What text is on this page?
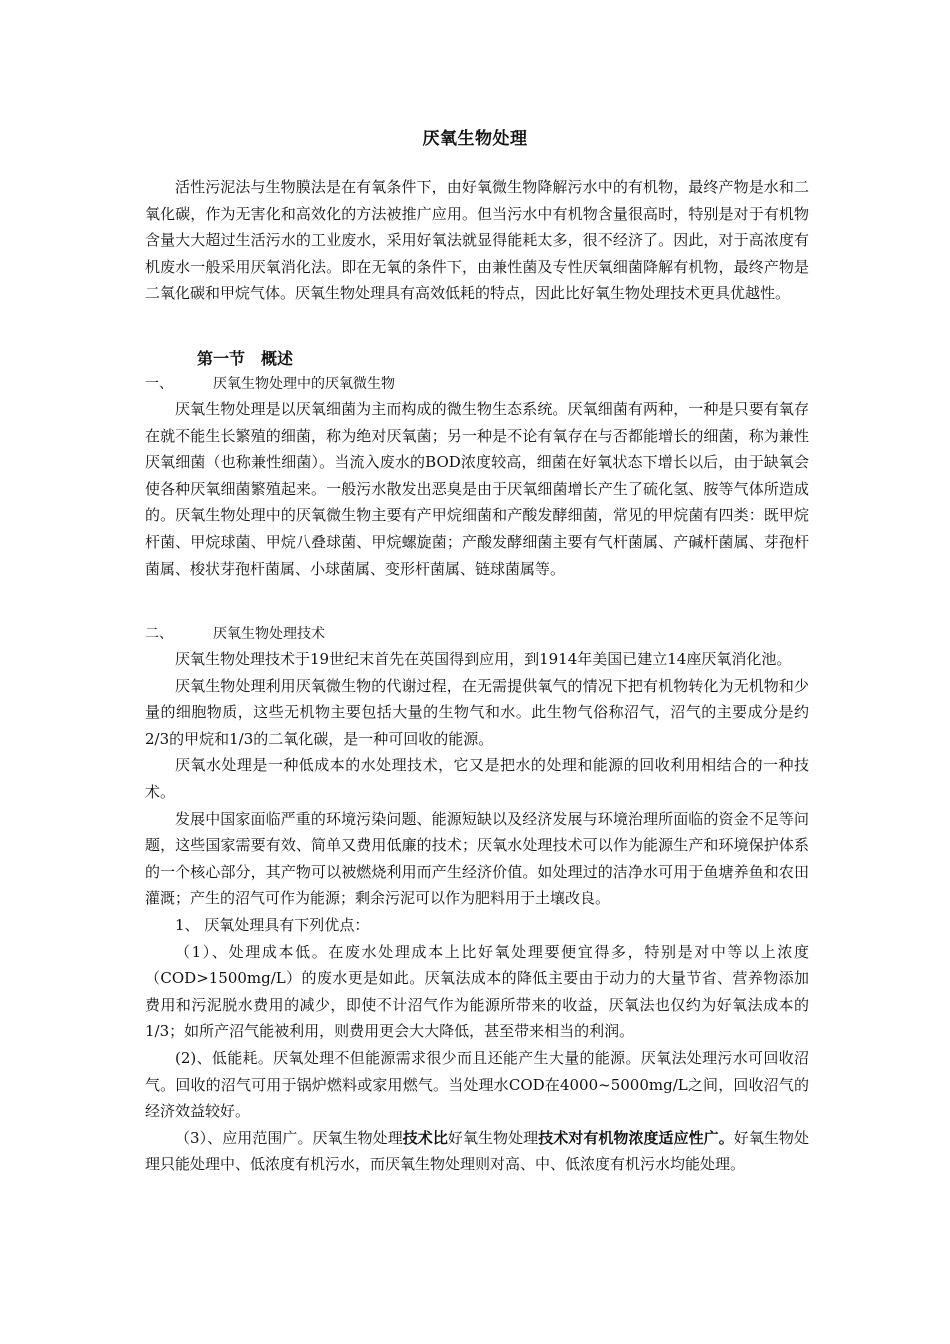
厌氧生物处理

活性污泥法与生物膜法是在有氧条件下，由好氧微生物降解污水中的有机物，最终产物是水和二氧化碳，作为无害化和高效化的方法被推广应用。但当污水中有机物含量很高时，特别是对于有机物含量大大超过生活污水的工业废水，采用好氧法就显得能耗太多，很不经济了。因此，对于高浓度有机废水一般采用厌氧消化法。即在无氧的条件下，由兼性菌及专性厌氧细菌降解有机物，最终产物是二氧化碳和甲烷气体。厌氧生物处理具有高效低耗的特点，因此比好氧生物处理技术更具优越性。

第一节　概述
一、	厌氧生物处理中的厌氧微生物

厌氧生物处理是以厌氧细菌为主而构成的微生物生态系统。厌氧细菌有两种，一种是只要有氧存在就不能生长繁殖的细菌，称为绝对厌氧菌；另一种是不论有氧存在与否都能增长的细菌，称为兼性厌氧细菌（也称兼性细菌）。当流入废水的BOD浓度较高，细菌在好氧状态下增长以后，由于缺氧会使各种厌氧细菌繁殖起来。一般污水散发出恶臭是由于厌氧细菌增长产生了硫化氢、胺等气体所造成的。厌氧生物处理中的厌氧微生物主要有产甲烷细菌和产酸发酵细菌，常见的甲烷菌有四类：既甲烷杆菌、甲烷球菌、甲烷八叠球菌、甲烷螺旋菌；产酸发酵细菌主要有气杆菌属、产碱杆菌属、芽孢杆菌属、梭状芽孢杆菌属、小球菌属、变形杆菌属、链球菌属等。

二、	厌氧生物处理技术

厌氧生物处理技术于19世纪末首先在英国得到应用，到1914年美国已建立14座厌氧消化池。

厌氧生物处理利用厌氧微生物的代谢过程，在无需提供氧气的情况下把有机物转化为无机物和少量的细胞物质，这些无机物主要包括大量的生物气和水。此生物气俗称沼气，沼气的主要成分是约2/3的甲烷和1/3的二氧化碳，是一种可回收的能源。

厌氧水处理是一种低成本的水处理技术，它又是把水的处理和能源的回收利用相结合的一种技术。

发展中国家面临严重的环境污染问题、能源短缺以及经济发展与环境治理所面临的资金不足等问题，这些国家需要有效、简单又费用低廉的技术；厌氧水处理技术可以作为能源生产和环境保护体系的一个核心部分，其产物可以被燃烧利用而产生经济价值。如处理过的洁净水可用于鱼塘养鱼和农田灌溉；产生的沼气可作为能源；剩余污泥可以作为肥料用于土壤改良。

1、 厌氧处理具有下列优点：

（1）、处理成本低。在废水处理成本上比好氧处理要便宜得多，特别是对中等以上浓度（COD>1500mg/L）的废水更是如此。厌氧法成本的降低主要由于动力的大量节省、营养物添加费用和污泥脱水费用的减少，即使不计沼气作为能源所带来的收益，厌氧法也仅约为好氧法成本的1/3；如所产沼气能被利用，则费用更会大大降低，甚至带来相当的利润。

(2)、低能耗。厌氧处理不但能源需求很少而且还能产生大量的能源。厌氧法处理污水可回收沼气。回收的沼气可用于锅炉燃料或家用燃气。当处理水COD在4000~5000mg/L之间，回收沼气的经济效益较好。

（3）、应用范围广。厌氧生物处理技术比好氧生物处理技术对有机物浓度适应性广。好氧生物处理只能处理中、低浓度有机污水，而厌氧生物处理则对高、中、低浓度有机污水均能处理。
